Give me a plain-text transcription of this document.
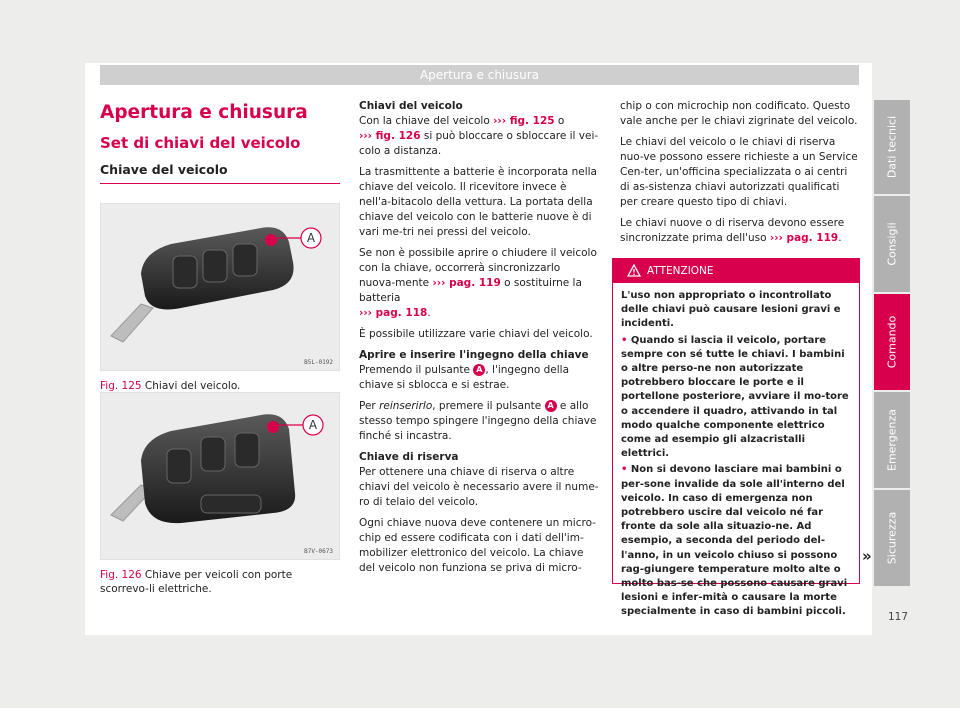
Apertura e chiusura
Apertura e chiusura
Set di chiavi del veicolo
Chiave del veicolo
A
B5L-0192
Fig. 125 Chiavi del veicolo.
A
B7V-0673
Fig. 126 Chiave per veicoli con porte scorrevo-li elettriche.

Chiavi del veicolo

Con la chiave del veicolo ››› fig. 125 o
››› fig. 126 si può bloccare o sbloccare il vei-colo a distanza.

La trasmittente a batterie è incorporata nella chiave del veicolo. Il ricevitore invece è nell'a-bitacolo della vettura. La portata della chiave del veicolo con le batterie nuove è di vari me-tri nei pressi del veicolo.

Se non è possibile aprire o chiudere il veicolo con la chiave, occorrerà sincronizzarlo nuova-mente ››› pag. 119 o sostituirne la batteria
››› pag. 118.

È possibile utilizzare varie chiavi del veicolo.

Aprire e inserire l'ingegno della chiave

Premendo il pulsante A , l'ingegno della chiave si sblocca e si estrae.

Per reinserirlo, premere il pulsante A e allo stesso tempo spingere l'ingegno della chiave finché si incastra.

Chiave di riserva

Per ottenere una chiave di riserva o altre chiavi del veicolo è necessario avere il nume-ro di telaio del veicolo.

Ogni chiave nuova deve contenere un micro-chip ed essere codificata con i dati dell'im-mobilizer elettronico del veicolo. La chiave del veicolo non funziona se priva di micro-

chip o con microchip non codificato. Questo vale anche per le chiavi zigrinate del veicolo.

Le chiavi del veicolo o le chiavi di riserva nuo-ve possono essere richieste a un Service Cen-ter, un'officina specializzata o ai centri di as-sistenza chiavi autorizzati qualificati per creare questo tipo di chiavi.

Le chiavi nuove o di riserva devono essere sincronizzate prima dell'uso ››› pag. 119.

ATTENZIONE

L'uso non appropriato o incontrollato delle chiavi può causare lesioni gravi e incidenti.

• Quando si lascia il veicolo, portare sempre con sé tutte le chiavi. I bambini o altre perso-ne non autorizzate potrebbero bloccare le porte e il portellone posteriore, avviare il mo-tore o accendere il quadro, attivando in tal modo qualche componente elettrico come ad esempio gli alzacristalli elettrici.

• Non si devono lasciare mai bambini o per-sone invalide da sole all'interno del veicolo. In caso di emergenza non potrebbero uscire dal veicolo né far fronte da sole alla situazio-ne. Ad esempio, a seconda del periodo del-l'anno, in un veicolo chiuso si possono rag-giungere temperature molto alte o molto bas-se che possono causare gravi lesioni e infer-mità o causare la morte specialmente in caso di bambini piccoli.

»
Dati tecnici
Consigli
Comando
Emergenza
Sicurezza
117
